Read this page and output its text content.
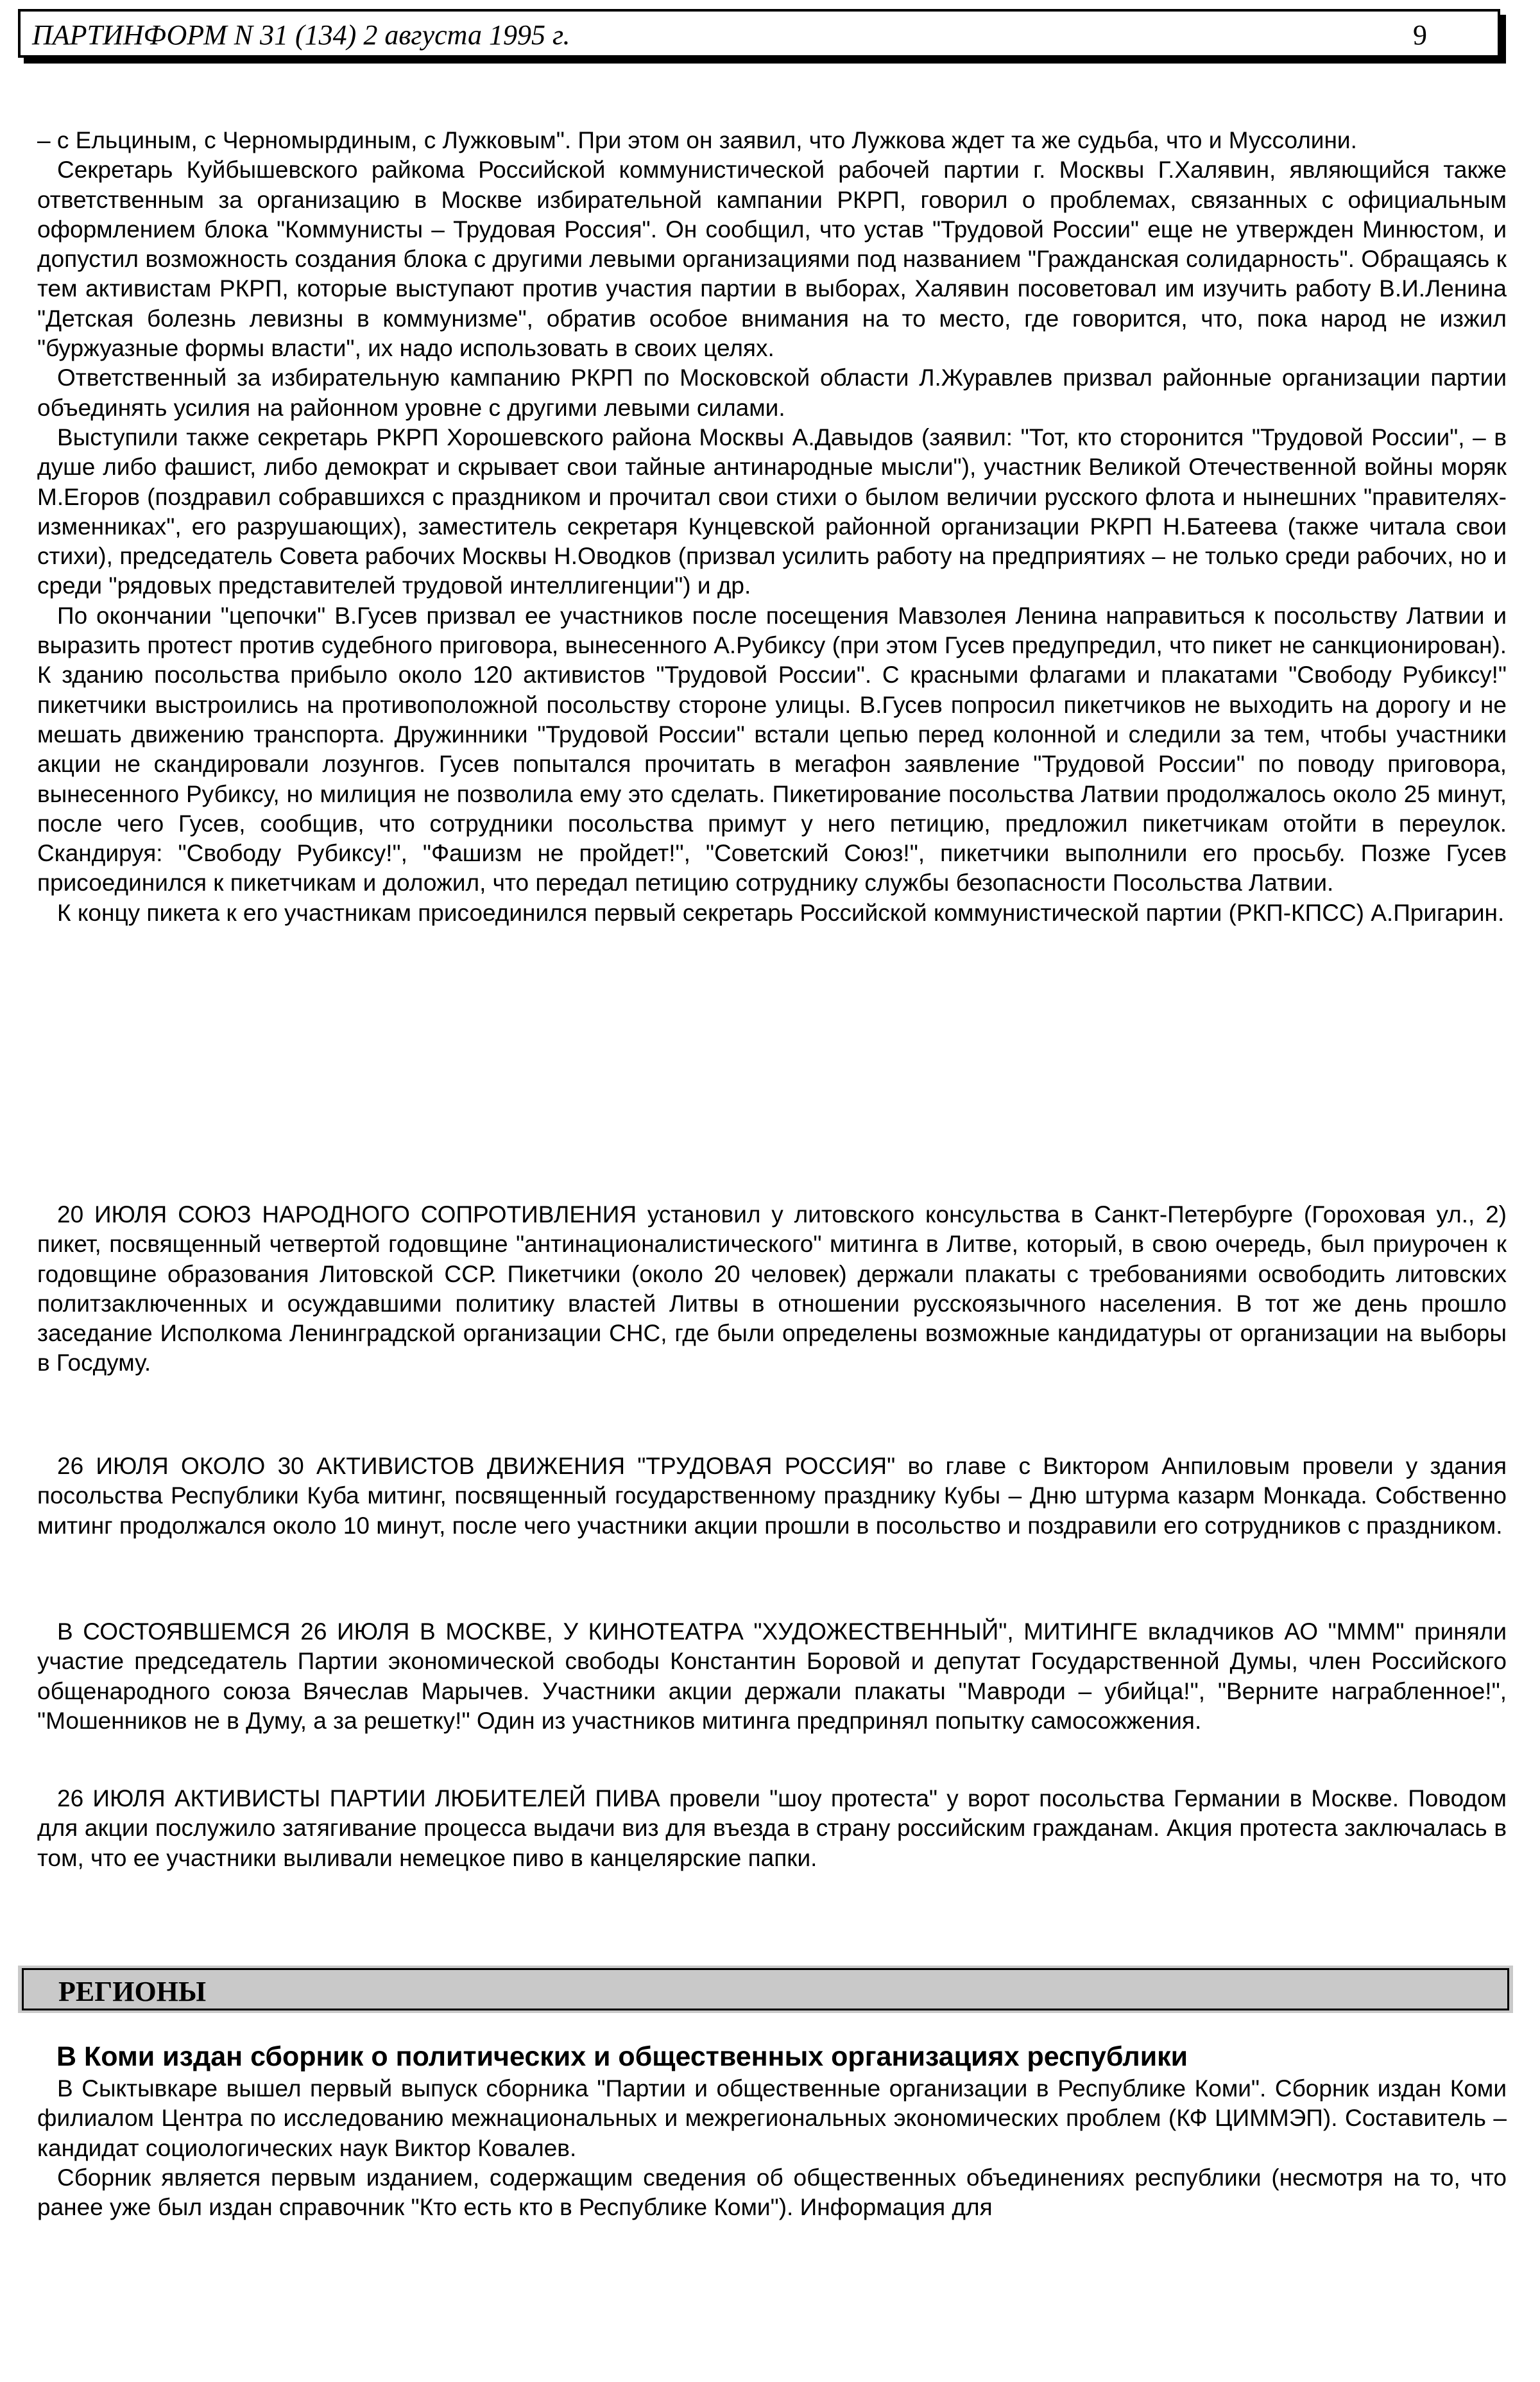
ПАРТИНФОРМ N 31 (134) 2 августа 1995 г.	9

– с Ельциным, с Черномырдиным, с Лужковым". При этом он заявил, что Лужкова ждет та же судьба, что и Муссолини.

Секретарь Куйбышевского райкома Российской коммунистической рабочей партии г. Москвы Г.Халявин, являющийся также ответственным за организацию в Москве избирательной кампании РКРП, говорил о проблемах, связанных с официальным оформлением блока "Коммунисты – Трудовая Россия". Он сообщил, что устав "Трудовой России" еще не утвержден Минюстом, и допустил возможность создания блока с другими левыми организациями под названием "Гражданская солидарность". Обращаясь к тем активистам РКРП, которые выступают против участия партии в выборах, Халявин посоветовал им изучить работу В.И.Ленина "Детская болезнь левизны в коммунизме", обратив особое внимания на то место, где говорится, что, пока народ не изжил "буржуазные формы власти", их надо использовать в своих целях.

Ответственный за избирательную кампанию РКРП по Московской области Л.Журавлев призвал районные организации партии объединять усилия на районном уровне с другими левыми силами.

Выступили также секретарь РКРП Хорошевского района Москвы А.Давыдов (заявил: "Тот, кто сторонится "Трудовой России", – в душе либо фашист, либо демократ и скрывает свои тайные антинародные мысли"), участник Великой Отечественной войны моряк М.Егоров (поздравил собравшихся с праздником и прочитал свои стихи о былом величии русского флота и нынешних "правителях-изменниках", его разрушающих), заместитель секретаря Кунцевской районной организации РКРП Н.Батеева (также читала свои стихи), председатель Совета рабочих Москвы Н.Оводков (призвал усилить работу на предприятиях – не только среди рабочих, но и среди "рядовых представителей трудовой интеллигенции") и др.

По окончании "цепочки" В.Гусев призвал ее участников после посещения Мавзолея Ленина направиться к посольству Латвии и выразить протест против судебного приговора, вынесенного А.Рубиксу (при этом Гусев предупредил, что пикет не санкционирован). К зданию посольства прибыло около 120 активистов "Трудовой России". С красными флагами и плакатами "Свободу Рубиксу!" пикетчики выстроились на противоположной посольству стороне улицы. В.Гусев попросил пикетчиков не выходить на дорогу и не мешать движению транспорта. Дружинники "Трудовой России" встали цепью перед колонной и следили за тем, чтобы участники акции не скандировали лозунгов. Гусев попытался прочитать в мегафон заявление "Трудовой России" по поводу приговора, вынесенного Рубиксу, но милиция не позволила ему это сделать. Пикетирование посольства Латвии продолжалось около 25 минут, после чего Гусев, сообщив, что сотрудники посольства примут у него петицию, предложил пикетчикам отойти в переулок. Скандируя: "Свободу Рубиксу!", "Фашизм не пройдет!", "Советский Союз!", пикетчики выполнили его просьбу. Позже Гусев присоединился к пикетчикам и доложил, что передал петицию сотруднику службы безопасности Посольства Латвии.

К концу пикета к его участникам присоединился первый секретарь Российской коммунистической партии (РКП-КПСС) А.Пригарин.

20 ИЮЛЯ СОЮЗ НАРОДНОГО СОПРОТИВЛЕНИЯ установил у литовского консульства в Санкт-Петербурге (Гороховая ул., 2) пикет, посвященный четвертой годовщине "антинационалистического" митинга в Литве, который, в свою очередь, был приурочен к годовщине образования Литовской ССР. Пикетчики (около 20 человек) держали плакаты с требованиями освободить литовских политзаключенных и осуждавшими политику властей Литвы в отношении русскоязычного населения. В тот же день прошло заседание Исполкома Ленинградской организации СНС, где были определены возможные кандидатуры от организации на выборы в Госдуму.

26 ИЮЛЯ ОКОЛО 30 АКТИВИСТОВ ДВИЖЕНИЯ "ТРУДОВАЯ РОССИЯ" во главе с Виктором Анпиловым провели у здания посольства Республики Куба митинг, посвященный государственному празднику Кубы – Дню штурма казарм Монкада. Собственно митинг продолжался около 10 минут, после чего участники акции прошли в посольство и поздравили его сотрудников с праздником.

В СОСТОЯВШЕМСЯ 26 ИЮЛЯ В МОСКВЕ, У КИНОТЕАТРА "ХУДОЖЕСТВЕННЫЙ", МИТИНГЕ вкладчиков АО "МММ" приняли участие председатель Партии экономической свободы Константин Боровой и депутат Государственной Думы, член Российского общенародного союза Вячеслав Марычев. Участники акции держали плакаты "Мавроди – убийца!", "Верните награбленное!", "Мошенников не в Думу, а за решетку!" Один из участников митинга предпринял попытку самосожжения.

26 ИЮЛЯ АКТИВИСТЫ ПАРТИИ ЛЮБИТЕЛЕЙ ПИВА провели "шоу протеста" у ворот посольства Германии в Москве. Поводом для акции послужило затягивание процесса выдачи виз для въезда в страну российским гражданам. Акция протеста заключалась в том, что ее участники выливали немецкое пиво в канцелярские папки.

РЕГИОНЫ
В Коми издан сборник о политических и общественных организациях республики

В Сыктывкаре вышел первый выпуск сборника "Партии и общественные организации в Республике Коми". Сборник издан Коми филиалом Центра по исследованию межнациональных и межрегиональных экономических проблем (КФ ЦИММЭП). Составитель – кандидат социологических наук Виктор Ковалев.

Сборник является первым изданием, содержащим сведения об общественных объединениях республики (несмотря на то, что ранее уже был издан справочник "Кто есть кто в Республике Коми"). Информация для
